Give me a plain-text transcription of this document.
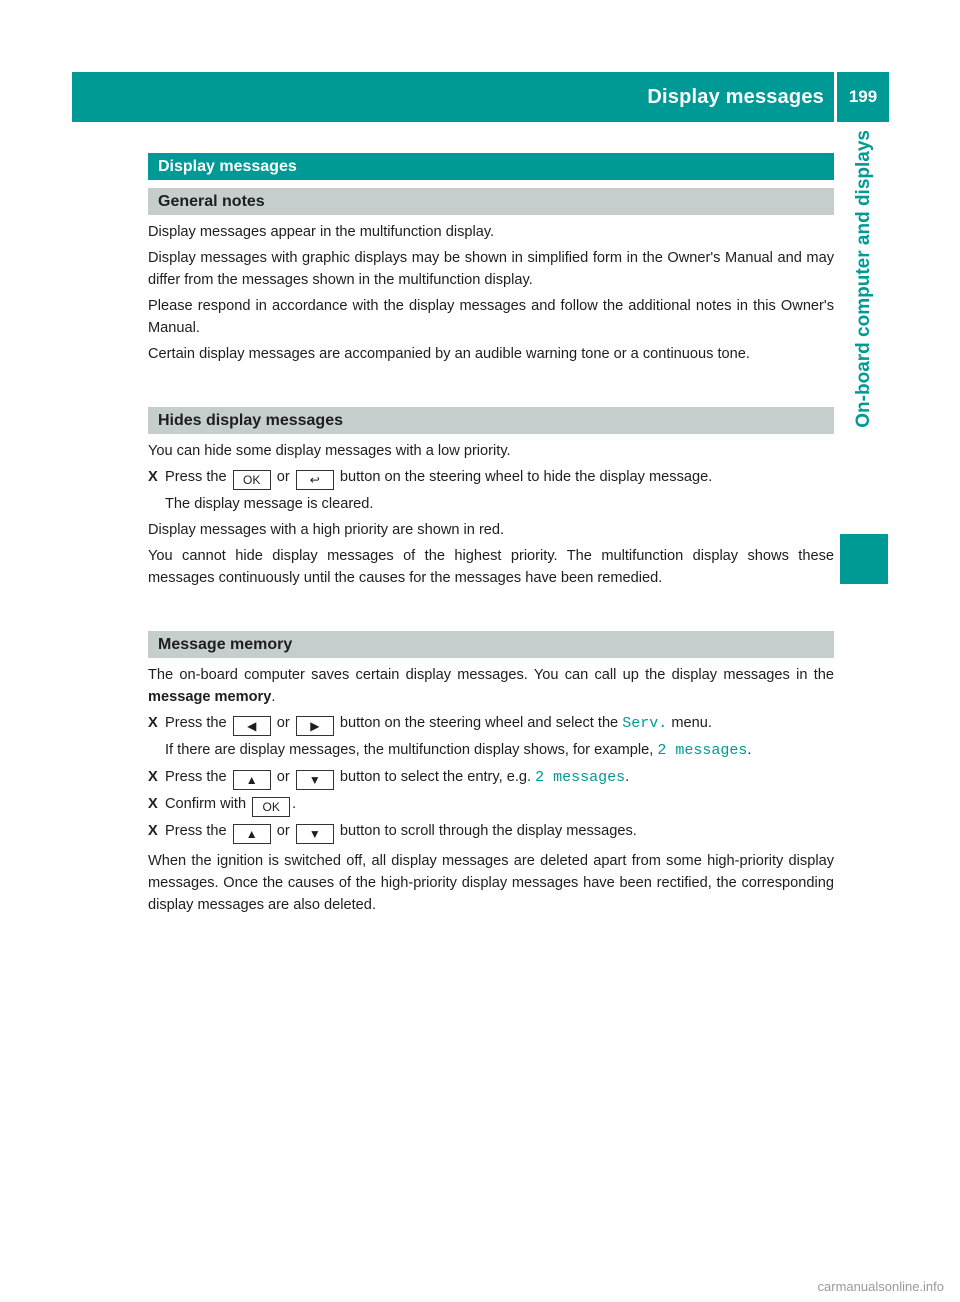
Display messages	199
On-board computer and displays
Display messages
General notes

Display messages appear in the multifunction display.

Display messages with graphic displays may be shown in simplified form in the Owner's Manual and may differ from the messages shown in the multifunction display.

Please respond in accordance with the display messages and follow the additional notes in this Owner's Manual.

Certain display messages are accompanied by an audible warning tone or a continuous tone.

Hides display messages

You can hide some display messages with a low priority.

X Press the OK or ↩ button on the steering wheel to hide the display message.
The display message is cleared.

Display messages with a high priority are shown in red.

You cannot hide display messages of the highest priority. The multifunction display shows these messages continuously until the causes for the messages have been remedied.

Message memory

The on-board computer saves certain display messages. You can call up the display messages in the message memory.

X Press the ◀ or ▶ button on the steering wheel and select the Serv. menu.
If there are display messages, the multifunction display shows, for example, 2 messages.
X Press the ▲ or ▼ button to select the entry, e.g. 2 messages.
X Confirm with OK .
X Press the ▲ or ▼ button to scroll through the display messages.

When the ignition is switched off, all display messages are deleted apart from some high-priority display messages. Once the causes of the high-priority display messages have been rectified, the corresponding display messages are also deleted.

carmanualsonline.info
